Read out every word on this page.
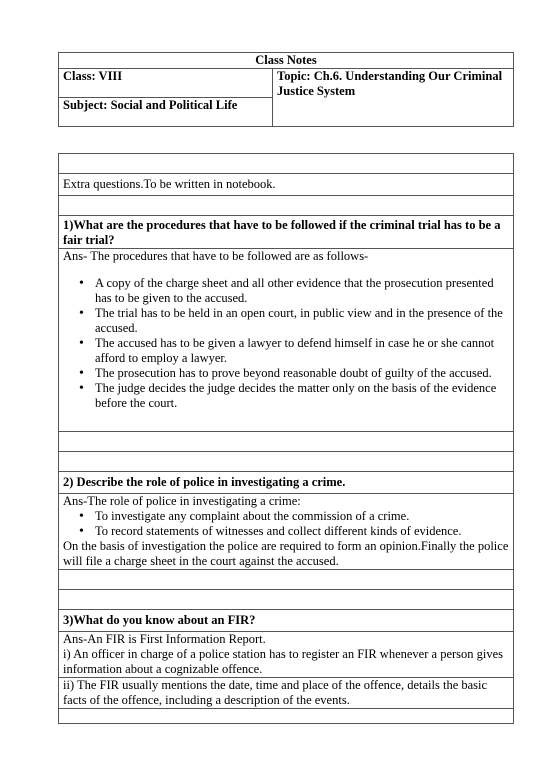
Class Notes
Class: VIII	Topic: Ch.6. Understanding Our Criminal Justice System
Subject: Social and Political Life

Extra questions.To be written in notebook.

1)What are the procedures that have to be followed if the criminal trial has to be a fair trial?

Ans- The procedures that have to be followed are as follows-
• A copy of the charge sheet and all other evidence that the prosecution presented has to be given to the accused.
• The trial has to be held in an open court, in public view and in the presence of the accused.
• The accused has to be given a lawyer to defend himself in case he or she cannot afford to employ a lawyer.
• The prosecution has to prove beyond reasonable doubt of guilty of the accused.
• The judge decides the judge decides the matter only on the basis of the evidence before the court.

2) Describe the role of police in investigating a crime.

Ans-The role of police in investigating a crime:
• To investigate any complaint about the commission of a crime.
• To record statements of witnesses and collect different kinds of evidence.
On the basis of investigation the police are required to form an opinion.Finally the police will file a charge sheet in the court against the accused.

3)What do you know about an FIR?

Ans-An FIR is First Information Report.
i) An officer in charge of a police station has to register an FIR whenever a person gives information about a cognizable offence.

ii) The FIR usually mentions the date, time and place of the offence, details the basic facts of the offence, including a description of the events.
